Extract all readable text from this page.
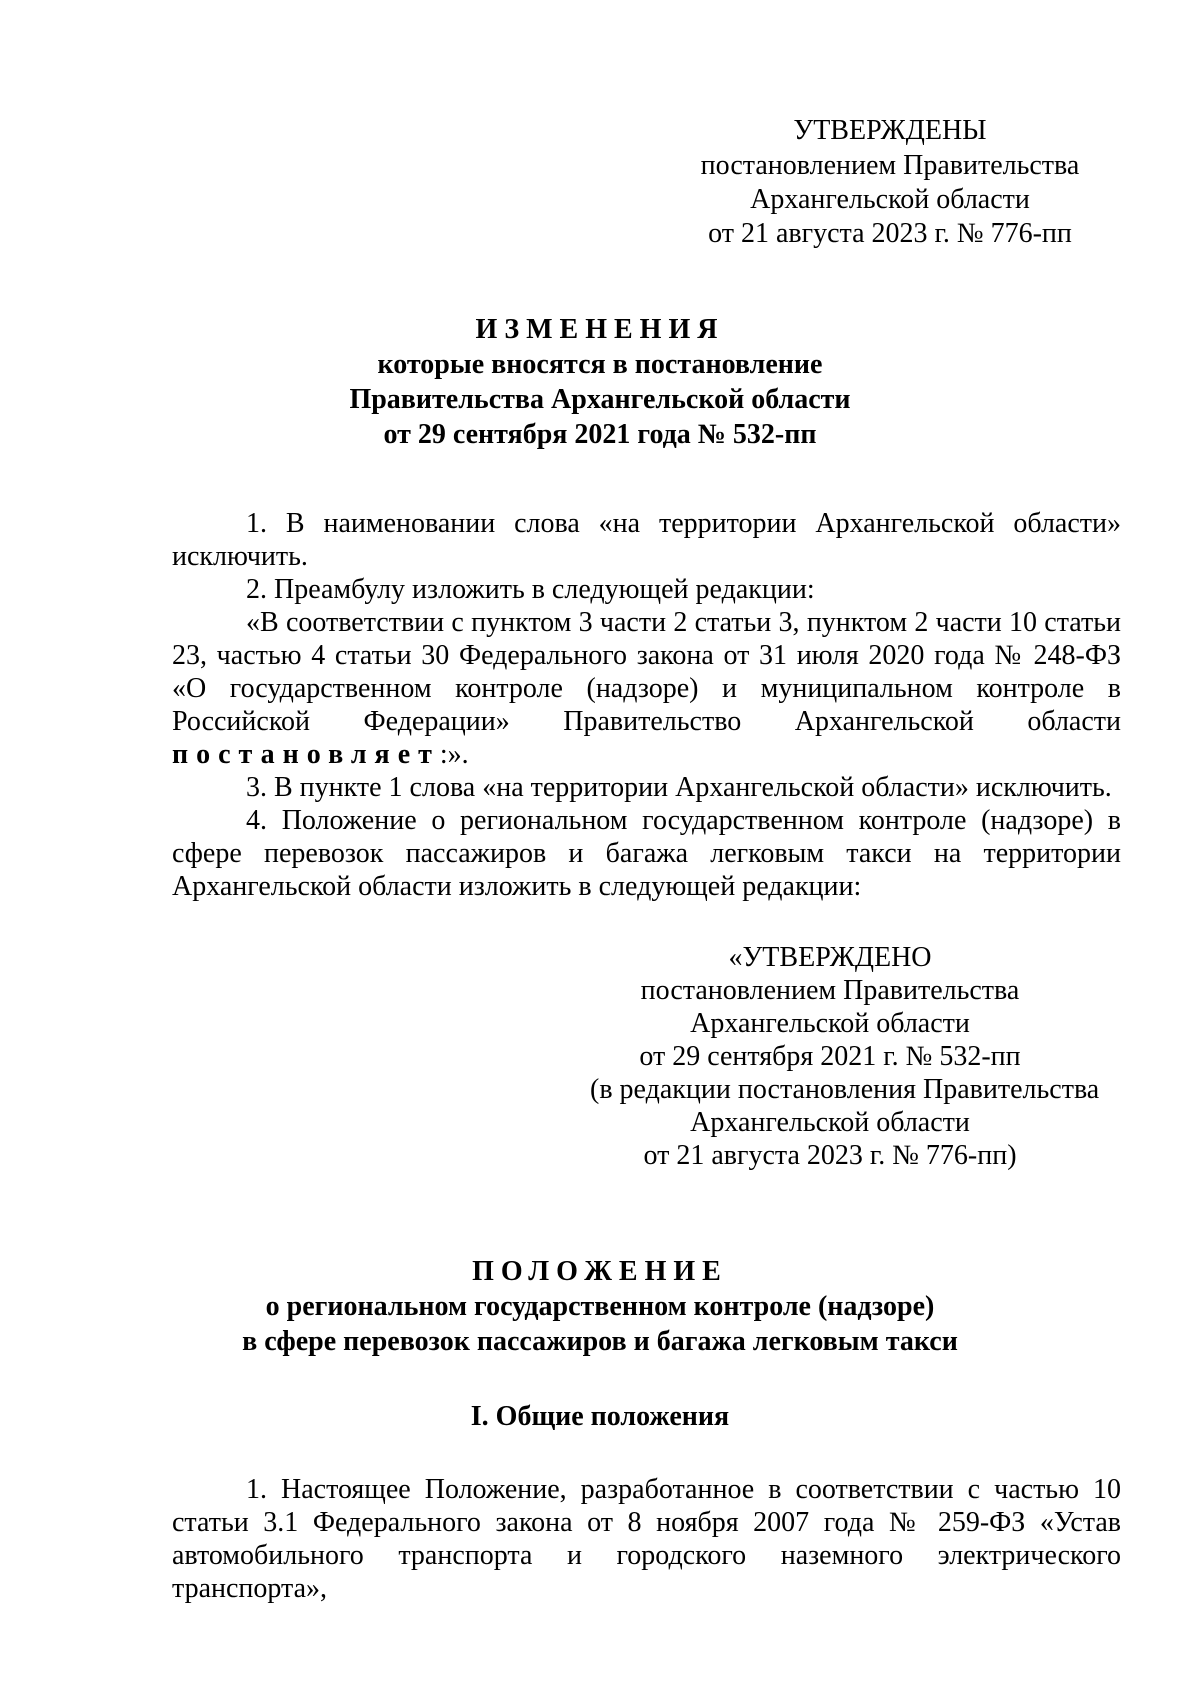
УТВЕРЖДЕНЫ
постановлением Правительства
Архангельской области
от 21 августа 2023 г. № 776-пп
ИЗМЕНЕНИЯ
которые вносятся в постановление
Правительства Архангельской области
от 29 сентября 2021 года № 532-пп

1. В наименовании слова «на территории Архангельской области» исключить.

2. Преамбулу изложить в следующей редакции:

«В соответствии с пунктом 3 части 2 статьи 3, пунктом 2 части 10 статьи 23, частью 4 статьи 30 Федерального закона от 31 июля 2020 года № 248-ФЗ «О государственном контроле (надзоре) и муниципальном контроле в Российской Федерации» Правительство Архангельской области постановляет:».

3. В пункте 1 слова «на территории Архангельской области» исключить.

4. Положение о региональном государственном контроле (надзоре) в сфере перевозок пассажиров и багажа легковым такси на территории Архангельской области изложить в следующей редакции:

«УТВЕРЖДЕНО
постановлением Правительства
Архангельской области
от 29 сентября 2021 г. № 532-пп
(в редакции постановления Правительства
Архангельской области
от 21 августа 2023 г. № 776-пп)
ПОЛОЖЕНИЕ
о региональном государственном контроле (надзоре)
в сфере перевозок пассажиров и багажа легковым такси
I. Общие положения

1. Настоящее Положение, разработанное в соответствии с частью 10 статьи 3.1 Федерального закона от 8 ноября 2007 года № 259-ФЗ «Устав автомобильного транспорта и городского наземного электрического транспорта»,
